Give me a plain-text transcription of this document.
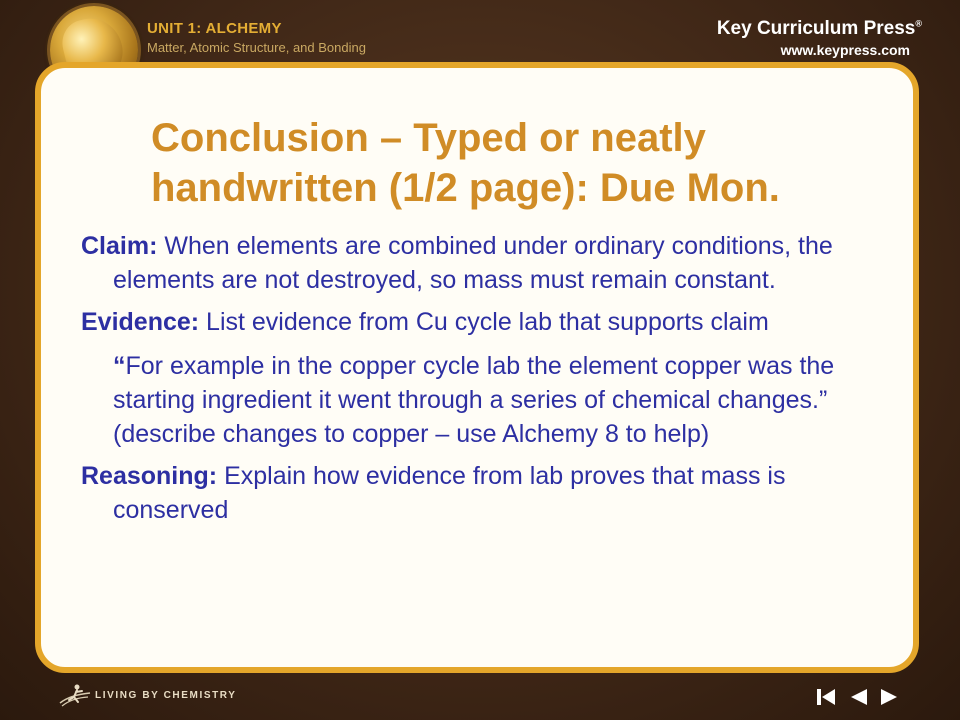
UNIT 1: ALCHEMY

Matter, Atomic Structure, and Bonding

Key Curriculum Press®

www.keypress.com

Conclusion – Typed or neatly handwritten (1/2 page): Due Mon.

Claim: When elements are combined under ordinary conditions, the elements are not destroyed, so mass must remain constant.

Evidence: List evidence from Cu cycle lab that supports claim

“For example in the copper cycle lab the element copper was the starting ingredient it went through a series of chemical changes.” (describe changes to copper – use Alchemy 8 to help)

Reasoning: Explain how evidence from lab proves that mass is conserved

LIVING BY CHEMISTRY
